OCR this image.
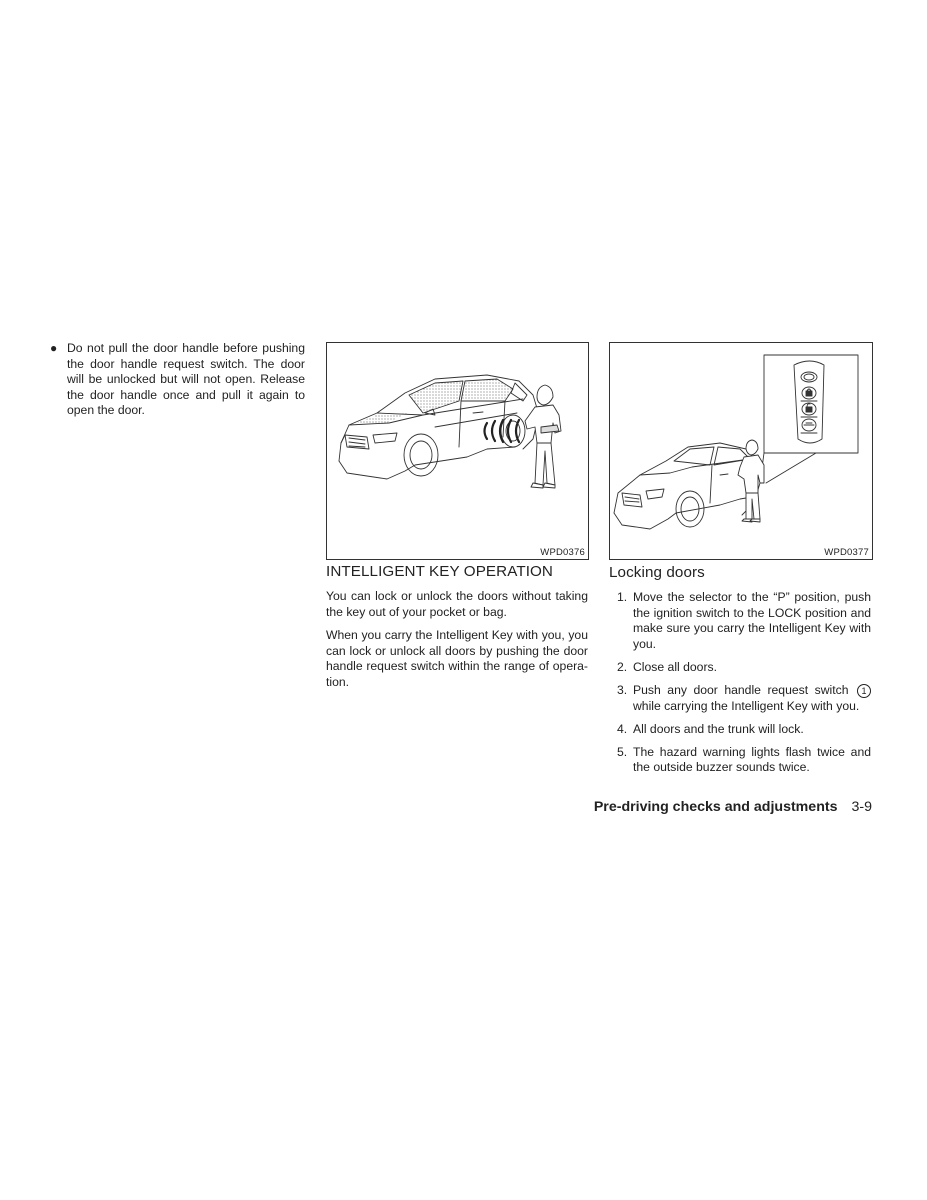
● Do not pull the door handle before pushing the door handle request switch. The door will be unlocked but will not open. Release the door handle once and pull it again to open the door.
WPD0376	WPD0377
INTELLIGENT KEY OPERATION

You can lock or unlock the doors without taking the key out of your pocket or bag.

When you carry the Intelligent Key with you, you can lock or unlock all doors by pushing the door handle request switch within the range of opera-tion.

Locking doors
1. Move the selector to the “P” position, push the ignition switch to the LOCK position and make sure you carry the Intelligent Key with you.
2. Close all doors.
3. Push any door handle request switch 1 while carrying the Intelligent Key with you.
4. All doors and the trunk will lock.
5. The hazard warning lights flash twice and the outside buzzer sounds twice.
Pre-driving checks and adjustments 3-9
